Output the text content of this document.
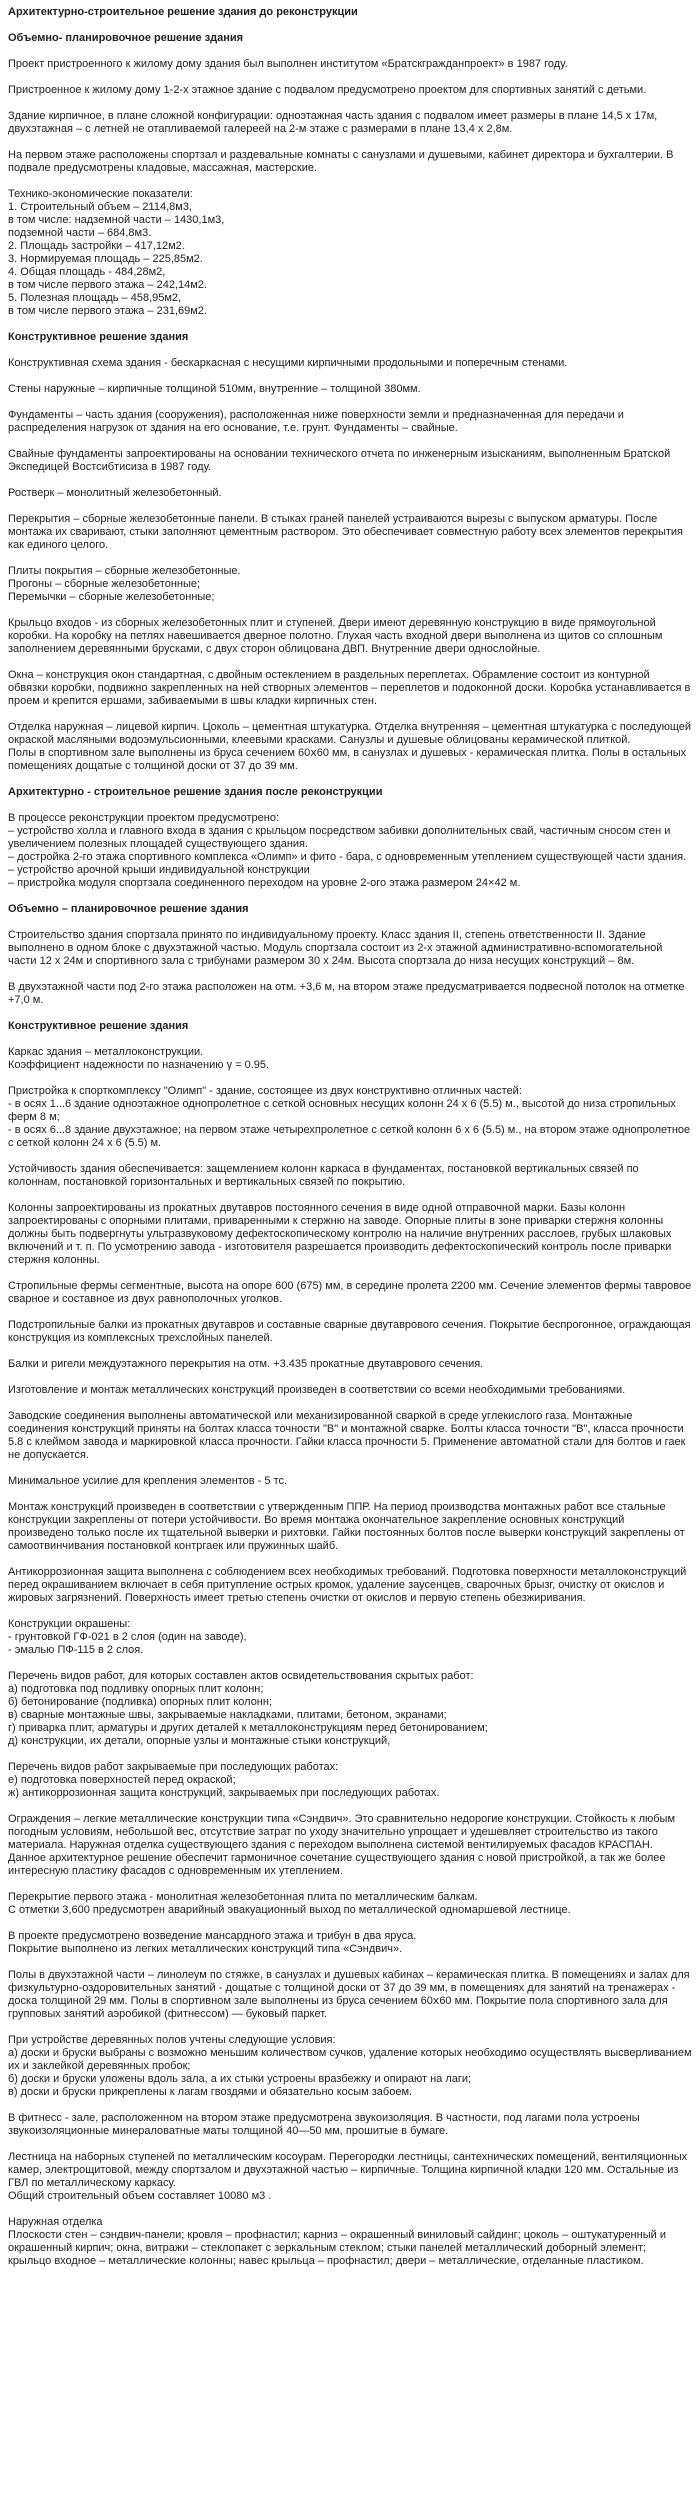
Архитектурно-строительное решение здания до реконструкции
Объемно- планировочное решение здания

Проект пристроенного к жилому дому здания был выполнен институтом «Братскгражданпроект» в 1987 году.

Пристроенное к жилому дому 1-2-х этажное здание с подвалом предусмотрено проектом для спортивных занятий с детьми.

Здание кирпичное, в плане сложной конфигурации: одноэтажная часть здания с подвалом имеет размеры в плане 14,5 х 17м, двухэтажная – с летней не отапливаемой галереей на 2-м этаже с размерами в плане 13,4 х 2,8м.

На первом этаже расположены спортзал и раздевальные комнаты с санузлами и душевыми, кабинет директора и бухгалтерии. В подвале предусмотрены кладовые, массажная, мастерские.

Технико-экономические показатели:
1. Строительный объем – 2114,8м3,
в том числе: надземной части – 1430,1м3,
подземной части – 684,8м3.
2. Площадь застройки – 417,12м2.
3. Нормируемая площадь – 225,85м2.
4. Общая площадь - 484,28м2,
в том числе первого этажа – 242,14м2.
5. Полезная площадь – 458,95м2,
в том числе первого этажа – 231,69м2.

Конструктивное решение здания

Конструктивная схема здания - бескаркасная с несущими кирпичными продольными и поперечным стенами.

Стены наружные – кирпичные толщиной 510мм, внутренние – толщиной 380мм.

Фундаменты – часть здания (сооружения), расположенная ниже поверхности земли и предназначенная для передачи и распределения нагрузок от здания на его основание, т.е. грунт. Фундаменты – свайные.

Свайные фундаменты запроектированы на основании технического отчета по инженерным изысканиям, выполненным Братской Экспедицей Востсибтисиза в 1987 году.

Ростверк – монолитный железобетонный.

Перекрытия – сборные железобетонные панели. В стыках граней панелей устраиваются вырезы с выпуском арматуры. После монтажа их сваривают, стыки заполняют цементным раствором. Это обеспечивает совместную работу всех элементов перекрытия как единого целого.

Плиты покрытия – сборные железобетонные.
Прогоны – сборные железобетонные;
Перемычки – сборные железобетонные;

Крыльцо входов - из сборных железобетонных плит и ступеней. Двери имеют деревянную конструкцию в виде прямоугольной коробки. На коробку на петлях навешивается дверное полотно. Глухая часть входной двери выполнена из щитов со сплошным заполнением деревянными брусками, с двух сторон облицована ДВП. Внутренние двери однослойные.

Окна – конструкция окон стандартная, с двойным остеклением в раздельных переплетах. Обрамление состоит из контурной обвязки коробки, подвижно закрепленных на ней створных элементов – переплетов и подоконной доски. Коробка устанавливается в проем и крепится ершами, забиваемыми в швы кладки кирпичных стен.

Отделка наружная – лицевой кирпич. Цоколь – цементная штукатурка. Отделка внутренняя – цементная штукатурка с последующей окраской масляными водоэмульсионными, клеевыми красками. Санузлы и душевые облицованы керамической плиткой.

Полы в спортивном зале выполнены из бруса сечением 60ⅹ60 мм, в санузлах и душевых - керамическая плитка. Полы в остальных помещениях дощатые с толщиной доски от 37 до 39 мм.

Архитектурно - строительное решение здания после реконструкции

В процессе реконструкции проектом предусмотрено:
– устройство холла и главного входа в здания с крыльцом посредством забивки дополнительных свай, частичным сносом стен и увеличением полезных площадей существующего здания.
– достройка 2-го этажа спортивного комплекса «Олимп» и фито - бара, с одновременным утеплением существующей части здания.
– устройство арочной крыши индивидуальной конструкции
– пристройка модуля спортзала соединенного переходом на уровне 2-ого этажа размером 24×42 м.

Объемно – планировочное решение здания

Строительство здания спортзала принято по индивидуальному проекту. Класс здания II, степень ответственности II. Здание выполнено в одном блоке с двухэтажной частью. Модуль спортзала состоит из 2-х этажной административно-вспомогательной части 12 х 24м и спортивного зала с трибунами размером 30 х 24м. Высота спортзала до низа несущих конструкций – 8м.

В двухэтажной части под 2-го этажа расположен на отм. +3,6 м, на втором этаже предусматривается подвесной потолок на отметке +7,0 м.

Конструктивное решение здания

Каркас здания – металлоконструкции.
Коэффициент надежности по назначению γ = 0.95.

Пристройка к спорткомплексу "Олимп" - здание, состоящее из двух конструктивно отличных частей:
- в осях 1...6 здание одноэтажное однопролетное с сеткой основных несущих колонн 24 х 6 (5.5) м., высотой до низа стропильных ферм 8 м;
- в осях 6...8 здание двухэтажное; на первом этаже четырехпролетное с сеткой колонн 6 х 6 (5.5) м., на втором этаже однопролетное с сеткой колонн 24 х 6 (5.5) м.

Устойчивость здания обеспечивается: защемлением колонн каркаса в фундаментах, постановкой вертикальных связей по колоннам, постановкой горизонтальных и вертикальных связей по покрытию.

Колонны запроектированы из прокатных двутавров постоянного сечения в виде одной отправочной марки. Базы колонн запроектированы с опорными плитами, приваренными к стержню на заводе. Опорные плиты в зоне приварки стержня колонны должны быть подвергнуты ультразвуковому дефектоскопическому контролю на наличие внутренних расслоев, грубых шлаковых включений и т. п. По усмотрению завода - изготовителя разрешается производить дефектоскопический контроль после приварки стержня колонны.

Стропильные фермы сегментные, высота на опоре 600 (675) мм, в середине пролета 2200 мм. Сечение элементов фермы тавровое сварное и составное из двух равнополочных уголков.

Подстропильные балки из прокатных двутавров и составные сварные двутаврового сечения. Покрытие беспрогонное, ограждающая конструкция из комплексных трехслойных панелей.

Балки и ригели междуэтажного перекрытия на отм. +3.435 прокатные двутаврового сечения.

Изготовление и монтаж металлических конструкций произведен в соответствии со всеми необходимыми требованиями.

Заводские соединения выполнены автоматической или механизированной сваркой в среде углекислого газа. Монтажные соединения конструкций приняты на болтах класса точности "В" и монтажной сварке. Болты класса точности "В", класса прочности 5.8 с клеймом завода и маркировкой класса прочности. Гайки класса прочности 5. Применение автоматной стали для болтов и гаек не допускается.

Минимальное усилие для крепления элементов - 5 тс.

Монтаж конструкций произведен в соответствии с утвержденным ППР. На период производства монтажных работ все стальные конструкции закреплены от потери устойчивости. Во время монтажа окончательное закрепление основных конструкций произведено только после их тщательной выверки и рихтовки. Гайки постоянных болтов после выверки конструкций закреплены от самоотвинчивания постановкой контргаек или пружинных шайб.

Антикоррозионная защита выполнена с соблюдением всех необходимых требований. Подготовка поверхности металлоконструкций перед окрашиванием включает в себя притупление острых кромок, удаление заусенцев, сварочных брызг, очистку от окислов и жировых загрязнений. Поверхность имеет третью степень очистки от окислов и первую степень обезжиривания.

Конструкции окрашены:
- грунтовкой ГФ-021 в 2 слоя (один на заводе),
- эмалью ПФ-115 в 2 слоя.

Перечень видов работ, для которых составлен актов освидетельствования скрытых работ:
а) подготовка под подливку опорных плит колонн;
б) бетонирование (подливка) опорных плит колонн;
в) сварные монтажные швы, закрываемые накладками, плитами, бетоном, экранами;
г) приварка плит, арматуры и других деталей к металлоконструкциям перед бетонированием;
д) конструкции, их детали, опорные узлы и монтажные стыки конструкций,

Перечень видов работ закрываемые при последующих работах:
е) подготовка поверхностей перед окраской;
ж) антикоррозионная защита конструкций, закрываемых при последующих работах.

Ограждения – легкие металлические конструкции типа «Сэндвич». Это сравнительно недорогие конструкции. Стойкость к любым погодным условиям, небольшой вес, отсутствие затрат по уходу значительно упрощает и удешевляет строительство из такого материала. Наружная отделка существующего здания с переходом выполнена системой вентилируемых фасадов КРАСПАН. Данное архитектурное решение обеспечит гармоничное сочетание существующего здания с новой пристройкой, а так же более интересную пластику фасадов с одновременным их утеплением.

Перекрытие первого этажа - монолитная железобетонная плита по металлическим балкам.
С отметки 3,600 предусмотрен аварийный эвакуационный выход по металлической одномаршевой лестнице.

В проекте предусмотрено возведение мансардного этажа и трибун в два яруса.
Покрытие выполнено из легких металлических конструкций типа «Сэндвич».

Полы в двухэтажной части – линолеум по стяжке, в санузлах и душевых кабинах – керамическая плитка. В помещениях и залах для физкультурно-оздоровительных занятий - дощатые с толщиной доски от 37 до 39 мм, в помещениях для занятий на тренажерах - доска толщиной 29 мм. Полы в спортивном зале выполнены из бруса сечением 60ⅹ60 мм. Покрытие пола спортивного зала для групповых занятий аэробикой (фитнессом) — буковый паркет.

При устройстве деревянных полов учтены следующие условия:
а) доски и бруски выбраны с возможно меньшим количеством сучков, удаление которых необходимо осуществлять высверливанием их и заклейкой деревянных пробок;
б) доски и бруски уложены вдоль зала, а их стыки устроены вразбежку и опирают на лаги;
в) доски и бруски прикреплены к лагам гвоздями и обязательно косым забоем.

В фитнесс - зале, расположенном на втором этаже предусмотрена звукоизоляция. В частности, под лагами пола устроены звукоизоляционные минераловатные маты толщиной 40—50 мм, прошитые в бумаге.

Лестница на наборных ступеней по металлическим косоурам. Перегородки лестницы, сантехнических помещений, вентиляционных камер, электрощитовой, между спортзалом и двухэтажной частью – кирпичные. Толщина кирпичной кладки 120 мм. Остальные из ГВЛ по металлическому каркасу.
Общий строительный объем составляет 10080 м3 .

Наружная отделка
Плоскости стен – сэндвич-панели; кровля – профнастил; карниз – окрашенный виниловый сайдинг; цоколь – оштукатуренный и окрашенный кирпич; окна, витражи – стеклопакет с зеркальным стеклом; стыки панелей металлический доборный элемент; крыльцо входное – металлические колонны; навес крыльца – профнастил; двери – металлические, отделанные пластиком.
